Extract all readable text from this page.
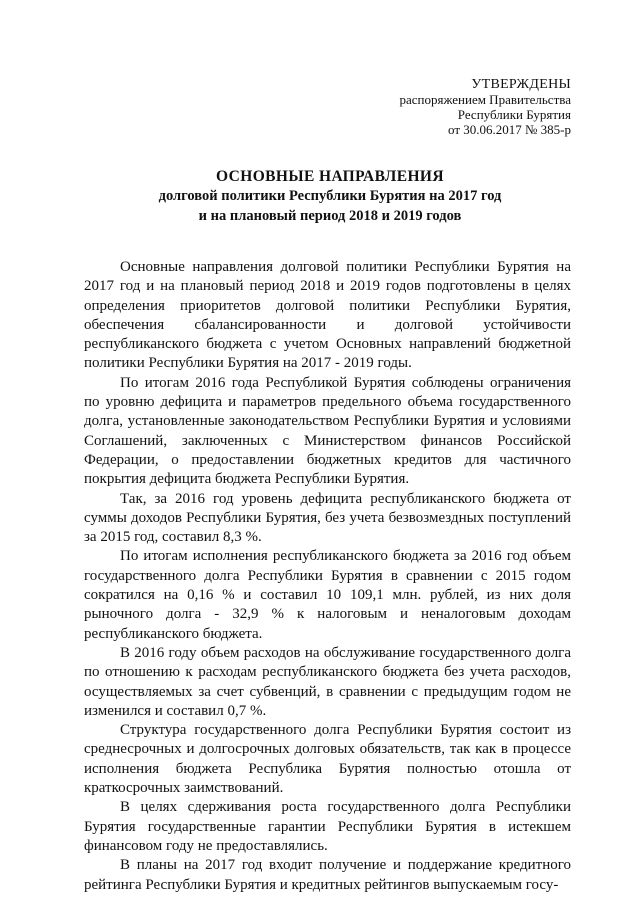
УТВЕРЖДЕНЫ
распоряжением Правительства
Республики Бурятия
от 30.06.2017 № 385-р
ОСНОВНЫЕ НАПРАВЛЕНИЯ
долговой политики Республики Бурятия на 2017 год
и на плановый период 2018 и 2019 годов

Основные направления долговой политики Республики Бурятия на 2017 год и на плановый период 2018 и 2019 годов подготовлены в целях определения приоритетов долговой политики Республики Бурятия, обеспечения сбалансированности и долговой устойчивости республиканского бюджета с учетом Основных направлений бюджетной политики Республики Бурятия на 2017 - 2019 годы.

По итогам 2016 года Республикой Бурятия соблюдены ограничения по уровню дефицита и параметров предельного объема государственного долга, установленные законодательством Республики Бурятия и условиями Соглашений, заключенных с Министерством финансов Российской Федерации, о предоставлении бюджетных кредитов для частичного покрытия дефицита бюджета Республики Бурятия.

Так, за 2016 год уровень дефицита республиканского бюджета от суммы доходов Республики Бурятия, без учета безвозмездных поступлений за 2015 год, составил 8,3 %.

По итогам исполнения республиканского бюджета за 2016 год объем государственного долга Республики Бурятия в сравнении с 2015 годом сократился на 0,16 % и составил 10 109,1 млн. рублей, из них доля рыночного долга - 32,9 % к налоговым и неналоговым доходам республиканского бюджета.

В 2016 году объем расходов на обслуживание государственного долга по отношению к расходам республиканского бюджета без учета расходов, осуществляемых за счет субвенций, в сравнении с предыдущим годом не изменился и составил 0,7 %.

Структура государственного долга Республики Бурятия состоит из среднесрочных и долгосрочных долговых обязательств, так как в процессе исполнения бюджета Республика Бурятия полностью отошла от краткосрочных заимствований.

В целях сдерживания роста государственного долга Республики Бурятия государственные гарантии Республики Бурятия в истекшем финансовом году не предоставлялись.

В планы на 2017 год входит получение и поддержание кредитного рейтинга Республики Бурятия и кредитных рейтингов выпускаемым госу-
